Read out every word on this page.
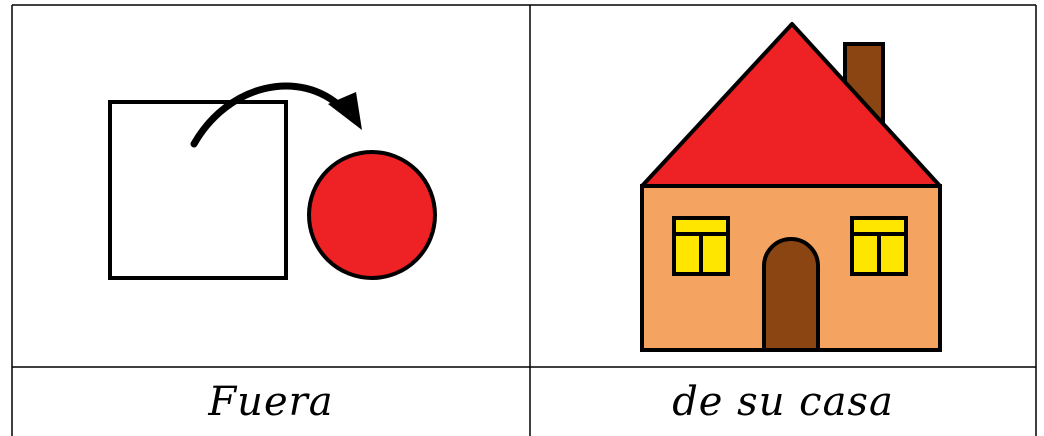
Fuera	de su casa
